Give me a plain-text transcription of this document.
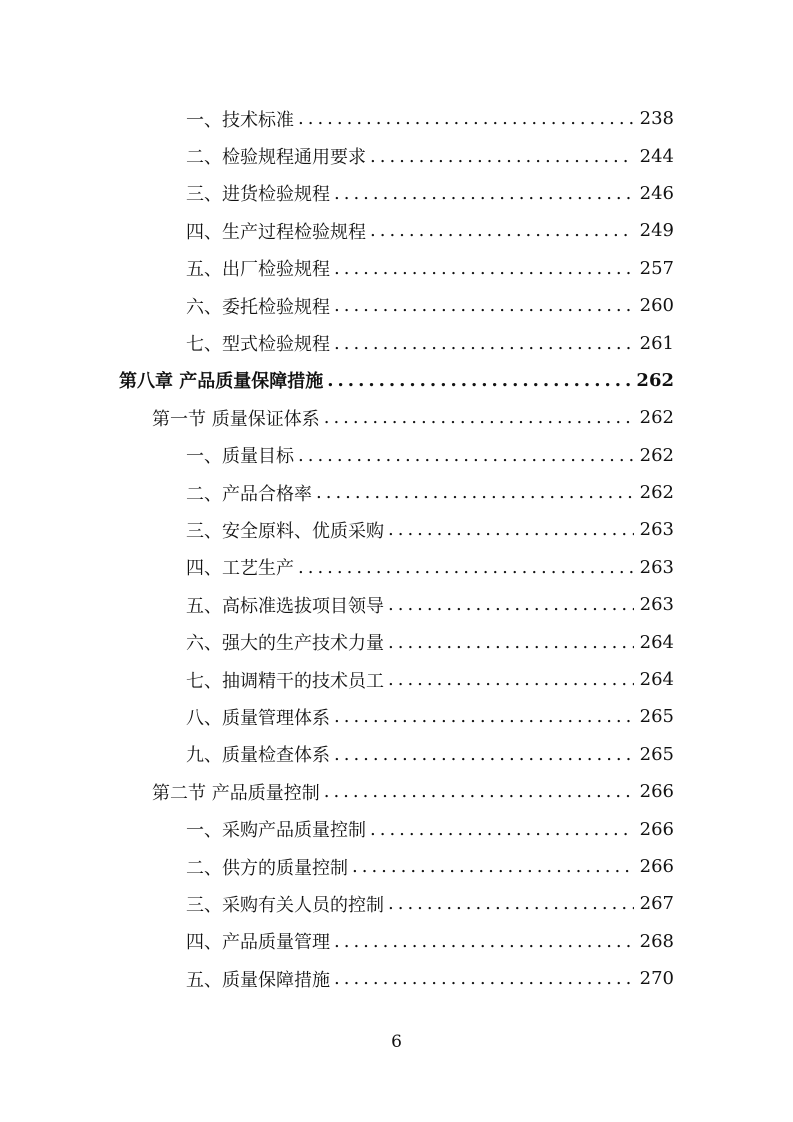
一、技术标准 .....	238
二、检验规程通用要求 .....	244
三、进货检验规程 .....	246
四、生产过程检验规程 .....	249
五、出厂检验规程 .....	257
六、委托检验规程 .....	260
七、型式检验规程 .....	261
第八章 产品质量保障措施 .....	262
第一节 质量保证体系 .....	262
一、质量目标 .....	262
二、产品合格率 .....	262
三、安全原料、优质采购 .....	263
四、工艺生产 .....	263
五、高标准选拔项目领导 .....	263
六、强大的生产技术力量 .....	264
七、抽调精干的技术员工 .....	264
八、质量管理体系 .....	265
九、质量检查体系 .....	265
第二节 产品质量控制 .....	266
一、采购产品质量控制 .....	266
二、供方的质量控制 .....	266
三、采购有关人员的控制 .....	267
四、产品质量管理 .....	268
五、质量保障措施 .....	270
6
